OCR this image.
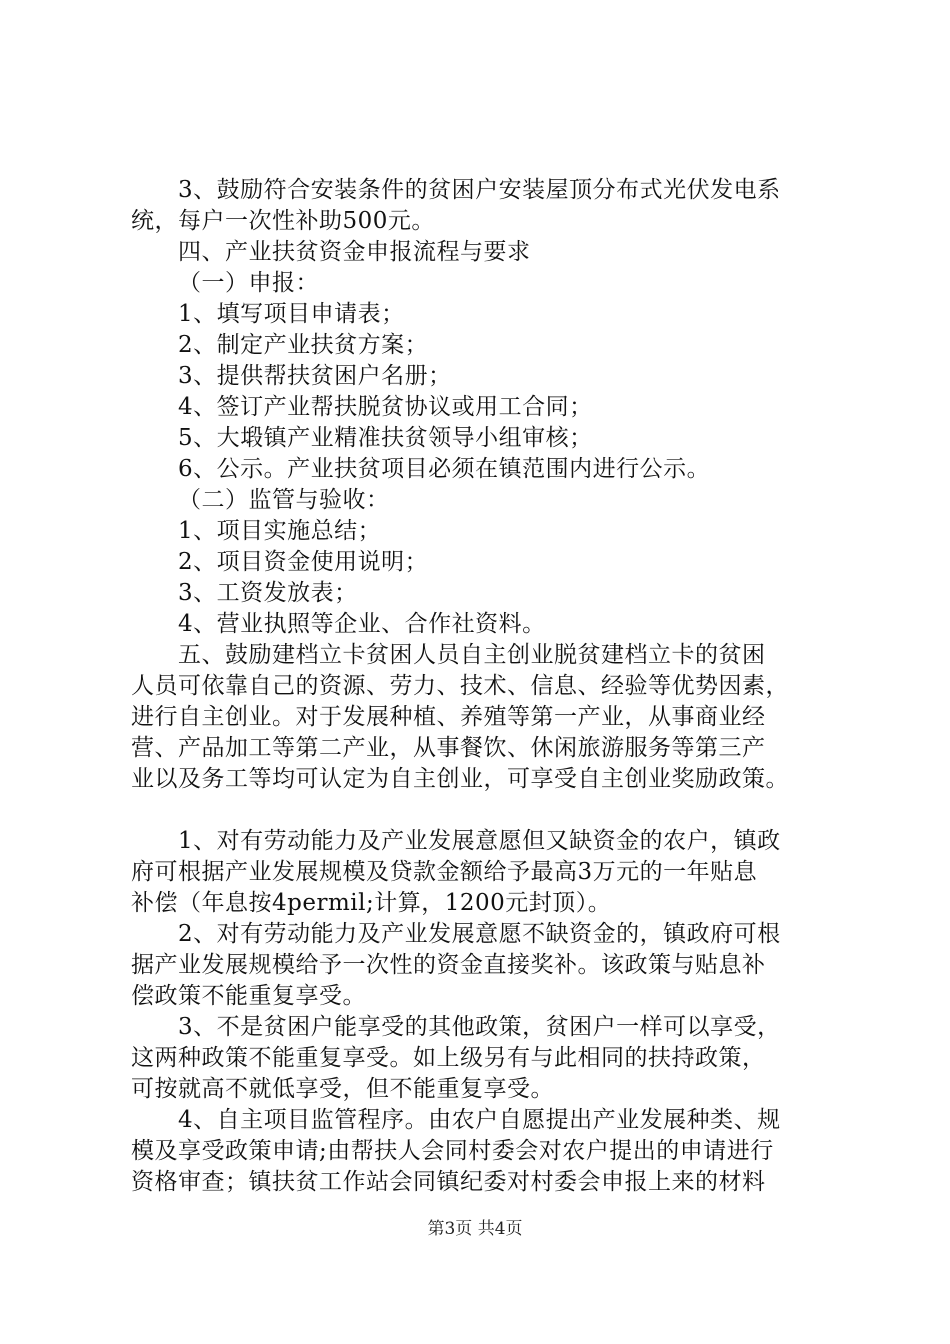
3、鼓励符合安装条件的贫困户安装屋顶分布式光伏发电系
统，每户一次性补助500元。
四、产业扶贫资金申报流程与要求
（一）申报：
1、填写项目申请表；
2、制定产业扶贫方案；
3、提供帮扶贫困户名册；
4、签订产业帮扶脱贫协议或用工合同；
5、大塅镇产业精准扶贫领导小组审核；
6、公示。产业扶贫项目必须在镇范围内进行公示。
（二）监管与验收：
1、项目实施总结；
2、项目资金使用说明；
3、工资发放表；
4、营业执照等企业、合作社资料。
五、鼓励建档立卡贫困人员自主创业脱贫建档立卡的贫困
人员可依靠自己的资源、劳力、技术、信息、经验等优势因素，
进行自主创业。对于发展种植、养殖等第一产业，从事商业经
营、产品加工等第二产业，从事餐饮、休闲旅游服务等第三产
业以及务工等均可认定为自主创业，可享受自主创业奖励政策。
1、对有劳动能力及产业发展意愿但又缺资金的农户，镇政
府可根据产业发展规模及贷款金额给予最高3万元的一年贴息
补偿（年息按4permil;计算，1200元封顶）。
2、对有劳动能力及产业发展意愿不缺资金的，镇政府可根
据产业发展规模给予一次性的资金直接奖补。该政策与贴息补
偿政策不能重复享受。
3、不是贫困户能享受的其他政策，贫困户一样可以享受，
这两种政策不能重复享受。如上级另有与此相同的扶持政策，
可按就高不就低享受，但不能重复享受。
4、自主项目监管程序。由农户自愿提出产业发展种类、规
模及享受政策申请;由帮扶人会同村委会对农户提出的申请进行
资格审查；镇扶贫工作站会同镇纪委对村委会申报上来的材料
第3页 共4页
